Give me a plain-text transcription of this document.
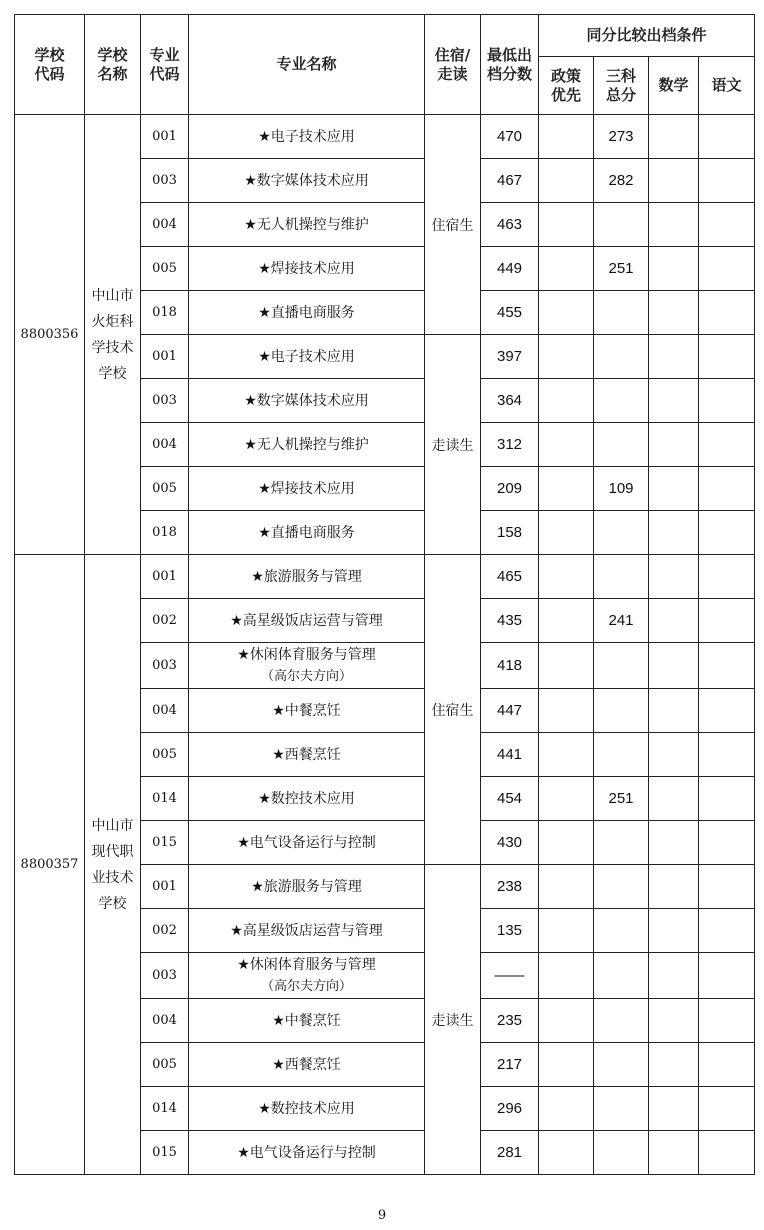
学校代码	学校名称	专业代码	专业名称	住宿/走读	最低出档分数	同分比较出档条件			

						政策优先	三科总分	数学	语文
8800356	中山市火炬科学技术学校	001	★电子技术应用	住宿生	470		273		
		003	★数字媒体技术应用		467		282		
		004	★无人机操控与维护		463				
		005	★焊接技术应用		449		251		
		018	★直播电商服务		455				
		001	★电子技术应用	走读生	397				
		003	★数字媒体技术应用		364				
		004	★无人机操控与维护		312				
		005	★焊接技术应用		209		109		
		018	★直播电商服务		158				
8800357	中山市现代职业技术学校	001	★旅游服务与管理	住宿生	465				
		002	★高星级饭店运营与管理		435		241		
		003	★休闲体育服务与管理
（高尔夫方向）		418				
		004	★中餐烹饪		447				
		005	★西餐烹饪		441				
		014	★数控技术应用		454		251		
		015	★电气设备运行与控制		430				
		001	★旅游服务与管理	走读生	238				
		002	★高星级饭店运营与管理		135				
		003	★休闲体育服务与管理
（高尔夫方向）		——				
		004	★中餐烹饪		235				
		005	★西餐烹饪		217				
		014	★数控技术应用		296				
		015	★电气设备运行与控制		281				
9
